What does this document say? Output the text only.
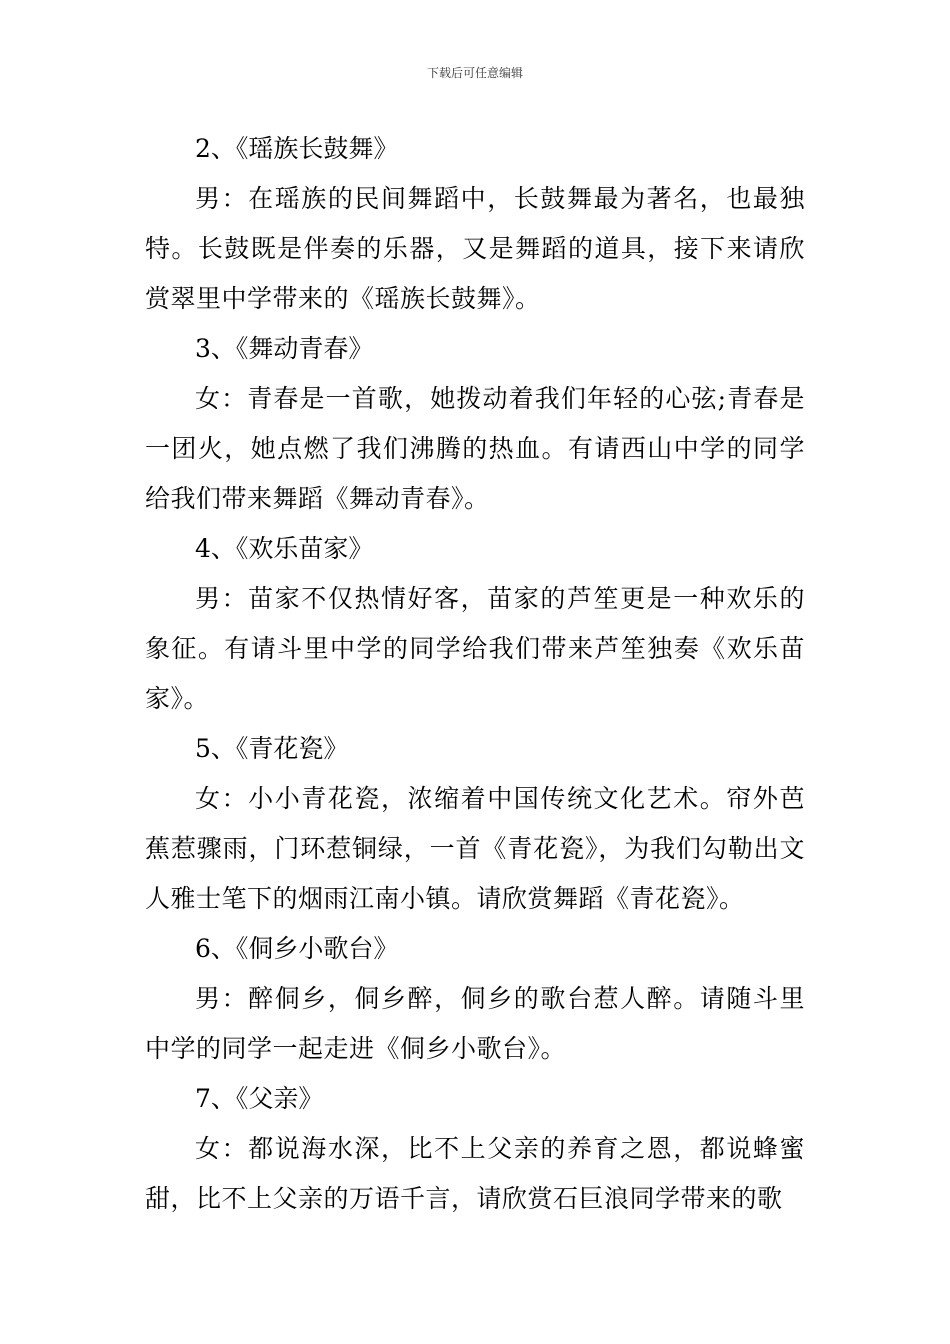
下载后可任意编辑

2、《瑶族长鼓舞》

男：在瑶族的民间舞蹈中，长鼓舞最为著名，也最独特。长鼓既是伴奏的乐器，又是舞蹈的道具，接下来请欣赏翠里中学带来的《瑶族长鼓舞》。

3、《舞动青春》

女：青春是一首歌，她拨动着我们年轻的心弦;青春是一团火，她点燃了我们沸腾的热血。有请西山中学的同学给我们带来舞蹈《舞动青春》。

4、《欢乐苗家》

男：苗家不仅热情好客，苗家的芦笙更是一种欢乐的象征。有请斗里中学的同学给我们带来芦笙独奏《欢乐苗家》。

5、《青花瓷》

女：小小青花瓷，浓缩着中国传统文化艺术。帘外芭蕉惹骤雨，门环惹铜绿，一首《青花瓷》，为我们勾勒出文人雅士笔下的烟雨江南小镇。请欣赏舞蹈《青花瓷》。

6、《侗乡小歌台》

男：醉侗乡，侗乡醉，侗乡的歌台惹人醉。请随斗里中学的同学一起走进《侗乡小歌台》。

7、《父亲》

女：都说海水深，比不上父亲的养育之恩，都说蜂蜜甜，比不上父亲的万语千言，请欣赏石巨浪同学带来的歌
